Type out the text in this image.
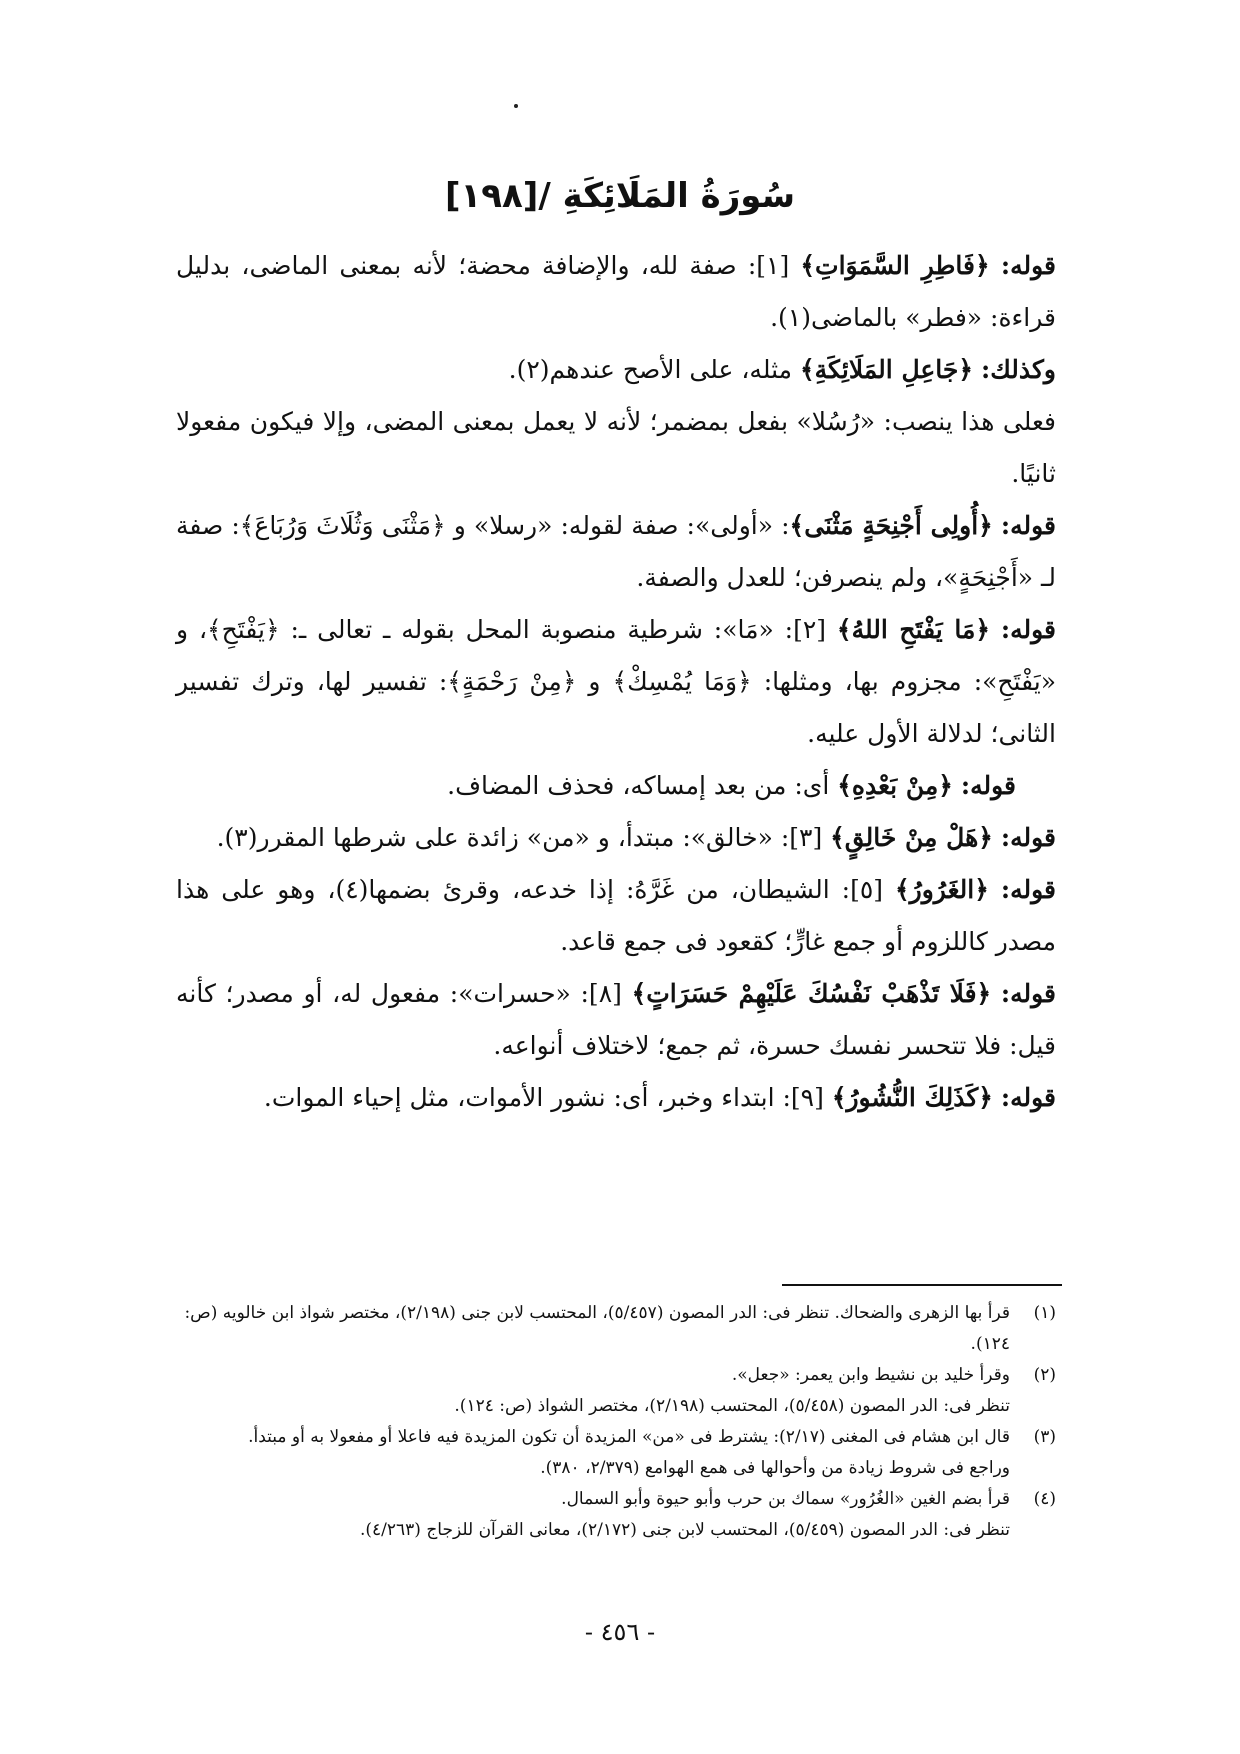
سُورَةُ المَلَائِكَةِ /[١٩٨]

قوله: ﴿فَاطِرِ السَّمَوَاتِ﴾ [١]: صفة لله، والإضافة محضة؛ لأنه بمعنى الماضى، بدليل قراءة: «فطر» بالماضى(١).

وكذلك: ﴿جَاعِلِ المَلَائِكَةِ﴾ مثله، على الأصح عندهم(٢).

فعلى هذا ينصب: «رُسُلا» بفعل بمضمر؛ لأنه لا يعمل بمعنى المضى، وإلا فيكون مفعولا ثانيًا.

قوله: ﴿أُولِى أَجْنِحَةٍ مَثْنَى﴾: «أولى»: صفة لقوله: «رسلا» و ﴿مَثْنَى وَثُلَاثَ وَرُبَاعَ﴾: صفة لـ «أَجْنِحَةٍ»، ولم ينصرفن؛ للعدل والصفة.

قوله: ﴿مَا يَفْتَحِ اللهُ﴾ [٢]: «مَا»: شرطية منصوبة المحل بقوله ـ تعالى ـ: ﴿يَفْتَحِ﴾، و «يَفْتَحِ»: مجزوم بها، ومثلها: ﴿وَمَا يُمْسِكْ﴾ و ﴿مِنْ رَحْمَةٍ﴾: تفسير لها، وترك تفسير الثانى؛ لدلالة الأول عليه.

قوله: ﴿مِنْ بَعْدِهِ﴾ أى: من بعد إمساكه، فحذف المضاف.

قوله: ﴿هَلْ مِنْ خَالِقٍ﴾ [٣]: «خالق»: مبتدأ، و «من» زائدة على شرطها المقرر(٣).

قوله: ﴿الغَرُورُ﴾ [٥]: الشيطان، من غَرَّهُ: إذا خدعه، وقرئ بضمها(٤)، وهو على هذا مصدر كاللزوم أو جمع غارٍّ؛ كقعود فى جمع قاعد.

قوله: ﴿فَلَا تَذْهَبْ نَفْسُكَ عَلَيْهِمْ حَسَرَاتٍ﴾ [٨]: «حسرات»: مفعول له، أو مصدر؛ كأنه قيل: فلا تتحسر نفسك حسرة، ثم جمع؛ لاختلاف أنواعه.

قوله: ﴿كَذَلِكَ النُّشُورُ﴾ [٩]: ابتداء وخبر، أى: نشور الأموات، مثل إحياء الموات.

(١)
قرأ بها الزهرى والضحاك. تنظر فى: الدر المصون (٥/٤٥٧)، المحتسب لابن جنى (٢/١٩٨)، مختصر شواذ ابن خالويه (ص: ١٢٤).
(٢)
وقرأ خليد بن نشيط وابن يعمر: «جعل».
تنظر فى: الدر المصون (٥/٤٥٨)، المحتسب (٢/١٩٨)، مختصر الشواذ (ص: ١٢٤).
(٣)
قال ابن هشام فى المغنى (٢/١٧): يشترط فى «من» المزيدة أن تكون المزيدة فيه فاعلا أو مفعولا به أو مبتدأ.
وراجع فى شروط زيادة من وأحوالها فى همع الهوامع (٢/٣٧٩، ٣٨٠).
(٤)
قرأ بضم الغين «الغُرُور» سماك بن حرب وأبو حيوة وأبو السمال.
تنظر فى: الدر المصون (٥/٤٥٩)، المحتسب لابن جنى (٢/١٧٢)، معانى القرآن للزجاج (٤/٢٦٣).
- ٤٥٦ -
